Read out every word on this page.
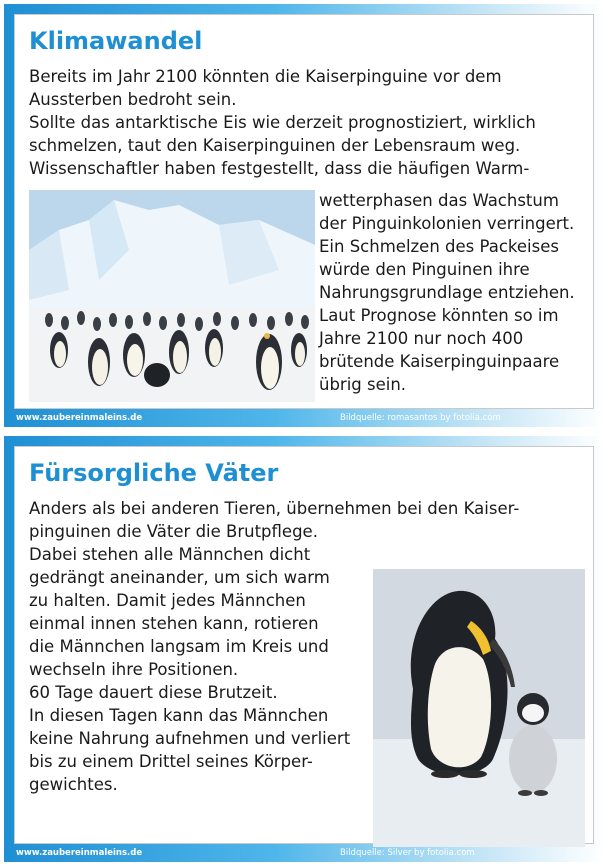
Klimawandel

Bereits im Jahr 2100 könnten die Kaiserpinguine vor dem
Aussterben bedroht sein.
Sollte das antarktische Eis wie derzeit prognostiziert, wirklich
schmelzen, taut den Kaiserpinguinen der Lebensraum weg.
Wissenschaftler haben festgestellt, dass die häufigen Warm-

wetterphasen das Wachstum
der Pinguinkolonien verringert.
Ein Schmelzen des Packeises
würde den Pinguinen ihre
Nahrungsgrundlage entziehen.
Laut Prognose könnten so im
Jahre 2100 nur noch 400
brütende Kaiserpinguinpaare
übrig sein.

www.zaubereinmaleins.de	Bildquelle: romasantos by fotolia.com
Fürsorgliche Väter

Anders als bei anderen Tieren, übernehmen bei den Kaiser-
pinguinen die Väter die Brutpflege.

Dabei stehen alle Männchen dicht
gedrängt aneinander, um sich warm
zu halten. Damit jedes Männchen
einmal innen stehen kann, rotieren
die Männchen langsam im Kreis und
wechseln ihre Positionen.
60 Tage dauert diese Brutzeit.
In diesen Tagen kann das Männchen
keine Nahrung aufnehmen und verliert
bis zu einem Drittel seines Körper-
gewichtes.

www.zaubereinmaleins.de	Bildquelle: Silver by fotolia.com
